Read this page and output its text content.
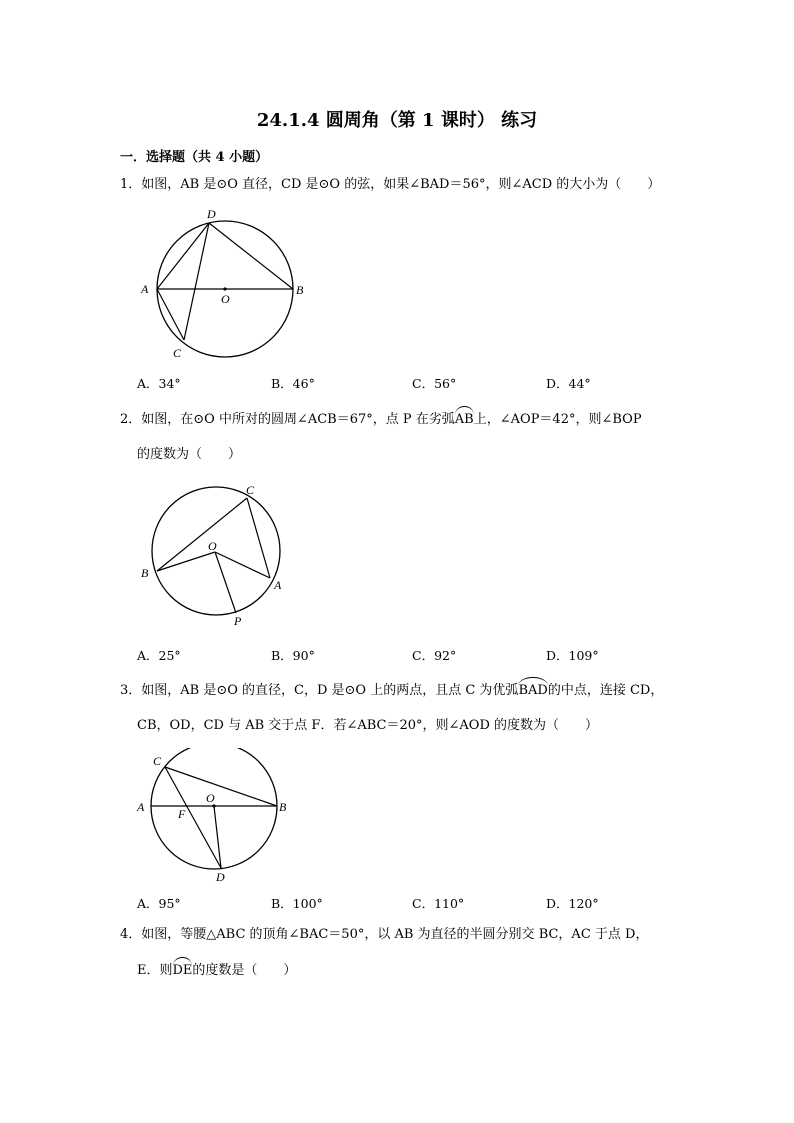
24.1.4 圆周角（第 1 课时） 练习
一．选择题（共 4 小题）
1．如图，AB 是⊙O 直径，CD 是⊙O 的弦，如果∠BAD＝56°，则∠ACD 的大小为（　　）
D
A
O
B
C
A．34°	B．46°	C．56°	D．44°
2．如图，在⊙O 中所对的圆周∠ACB＝67°，点 P 在劣弧AB上，∠AOP＝42°，则∠BOP
的度数为（　　）
C
O
B
A
P
A．25°	B．90°	C．92°	D．109°
3．如图，AB 是⊙O 的直径，C，D 是⊙O 上的两点，且点 C 为优弧BAD的中点，连接 CD，
CB，OD，CD 与 AB 交于点 F．若∠ABC＝20°，则∠AOD 的度数为（　　）
C
O
A	F	B
D
A．95°	B．100°	C．110°	D．120°
4．如图，等腰△ABC 的顶角∠BAC＝50°，以 AB 为直径的半圆分别交 BC，AC 于点 D，
E．则DE的度数是（　　）
